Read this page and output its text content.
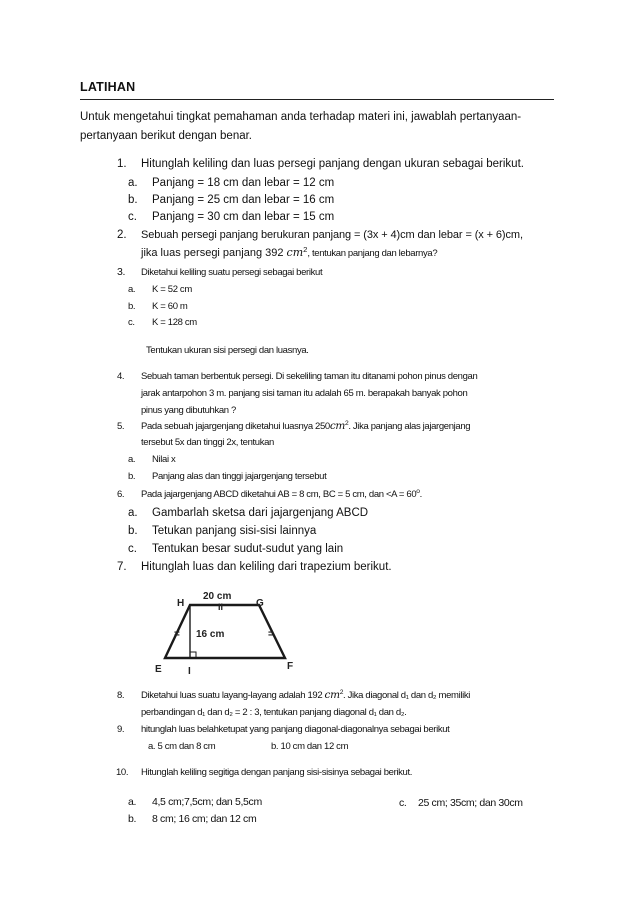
LATIHAN
Untuk mengetahui tingkat pemahaman anda terhadap materi ini, jawablah pertanyaan-
pertanyaan berikut dengan benar.
1. Hitunglah keliling dan luas persegi panjang dengan ukuran sebagai berikut.
a. Panjang = 18 cm dan lebar = 12 cm
b. Panjang = 25 cm dan lebar = 16 cm
c. Panjang = 30 cm dan lebar = 15 cm
2. Sebuah persegi panjang berukuran panjang = (3x + 4)cm dan lebar = (x + 6)cm,
jika luas persegi panjang 392 $cm^2$, tentukan panjang dan lebarnya?
3. Diketahui keliling suatu persegi sebagai berikut
a. K = 52 cm
b. K = 60 m
c. K = 128 cm
Tentukan ukuran sisi persegi dan luasnya.
4. Sebuah taman berbentuk persegi. Di sekeliling taman itu ditanami pohon pinus dengan
jarak antarpohon 3 m. panjang sisi taman itu adalah 65 m. berapakah banyak pohon
pinus yang dibutuhkan ?
5. Pada sebuah jajargenjang diketahui luasnya $250cm^2$. Jika panjang alas jajargenjang
tersebut 5x dan tinggi 2x, tentukan
a. Nilai x
b. Panjang alas dan tinggi jajargenjang tersebut
6. Pada jajargenjang ABCD diketahui AB = 8 cm, BC = 5 cm, dan $<A = 60^o$.
a. Gambarlah sketsa dari jajargenjang ABCD
b. Tetukan panjang sisi-sisi lainnya
c. Tentukan besar sudut-sudut yang lain
7. Hitunglah luas dan keliling dari trapezium berikut.
20 cm
II
16 cm
=	=
H	G
E	F
I
8. Diketahui luas suatu layang-layang adalah 192 $cm^2$. Jika diagonal d₁ dan d₂ memiliki
perbandingan d₁ dan d₂ = 2 : 3, tentukan panjang diagonal d₁ dan d₂.
9. hitunglah luas belahketupat yang panjang diagonal-diagonalnya sebagai berikut
a. 5 cm dan 8 cm	b. 10 cm dan 12 cm
10. Hitunglah keliling segitiga dengan panjang sisi-sisinya sebagai berikut.
a. 4,5 cm;7,5cm; dan 5,5cm
b. 8 cm; 16 cm; dan 12 cm
c. 25 cm; 35cm; dan 30cm
